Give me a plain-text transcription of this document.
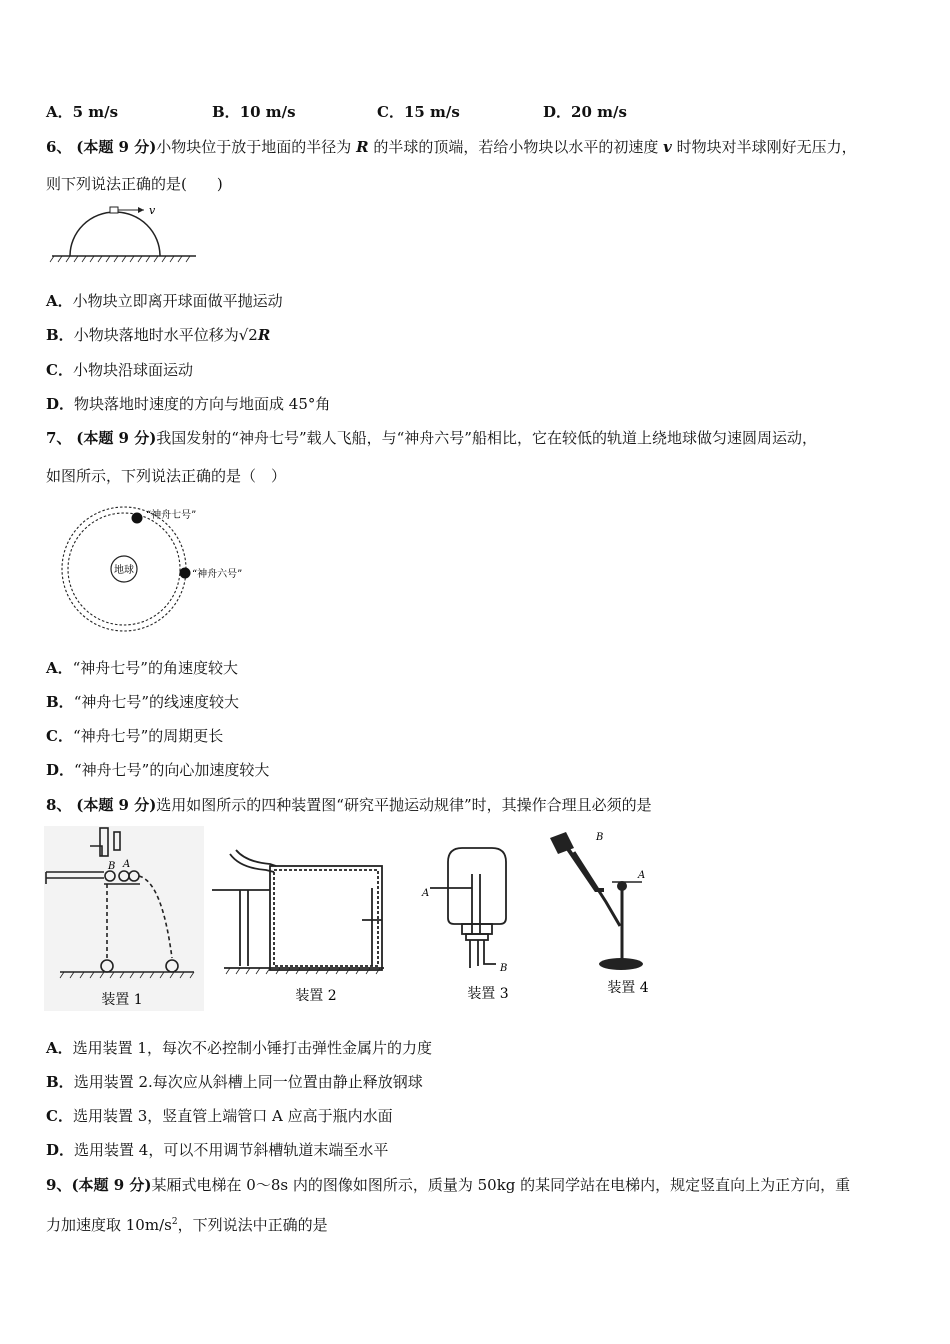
A．5 m/s	B．10 m/s	C．15 m/s	D．20 m/s
6、 (本题 9 分)小物块位于放于地面的半径为 R 的半球的顶端，若给小物块以水平的初速度 v 时物块对半球刚好无压力，
则下列说法正确的是(　　)
v
A．小物块立即离开球面做平抛运动
B．小物块落地时水平位移为√2R
C．小物块沿球面运动
D．物块落地时速度的方向与地面成 45°角
7、 (本题 9 分)我国发射的“神舟七号”载人飞船，与“神舟六号”船相比，它在较低的轨道上绕地球做匀速圆周运动，
如图所示，下列说法正确的是（　）
地球
“神舟七号”
“神舟六号”
A．“神舟七号”的角速度较大
B．“神舟七号”的线速度较大
C．“神舟七号”的周期更长
D．“神舟七号”的向心加速度较大
8、 (本题 9 分)选用如图所示的四种装置图“研究平抛运动规律”时，其操作合理且必须的是
B A
装置 1	装置 2
A
B
装置 3
B
A
装置 4
A．选用装置 1，每次不必控制小锤打击弹性金属片的力度
B．选用装置 2.每次应从斜槽上同一位置由静止释放钢球
C．选用装置 3，竖直管上端管口 A 应高于瓶内水面
D．选用装置 4，可以不用调节斜槽轨道末端至水平
9、(本题 9 分)某厢式电梯在 0～8s 内的图像如图所示，质量为 50kg 的某同学站在电梯内，规定竖直向上为正方向，重
力加速度取 $10m/s^2$，下列说法中正确的是
